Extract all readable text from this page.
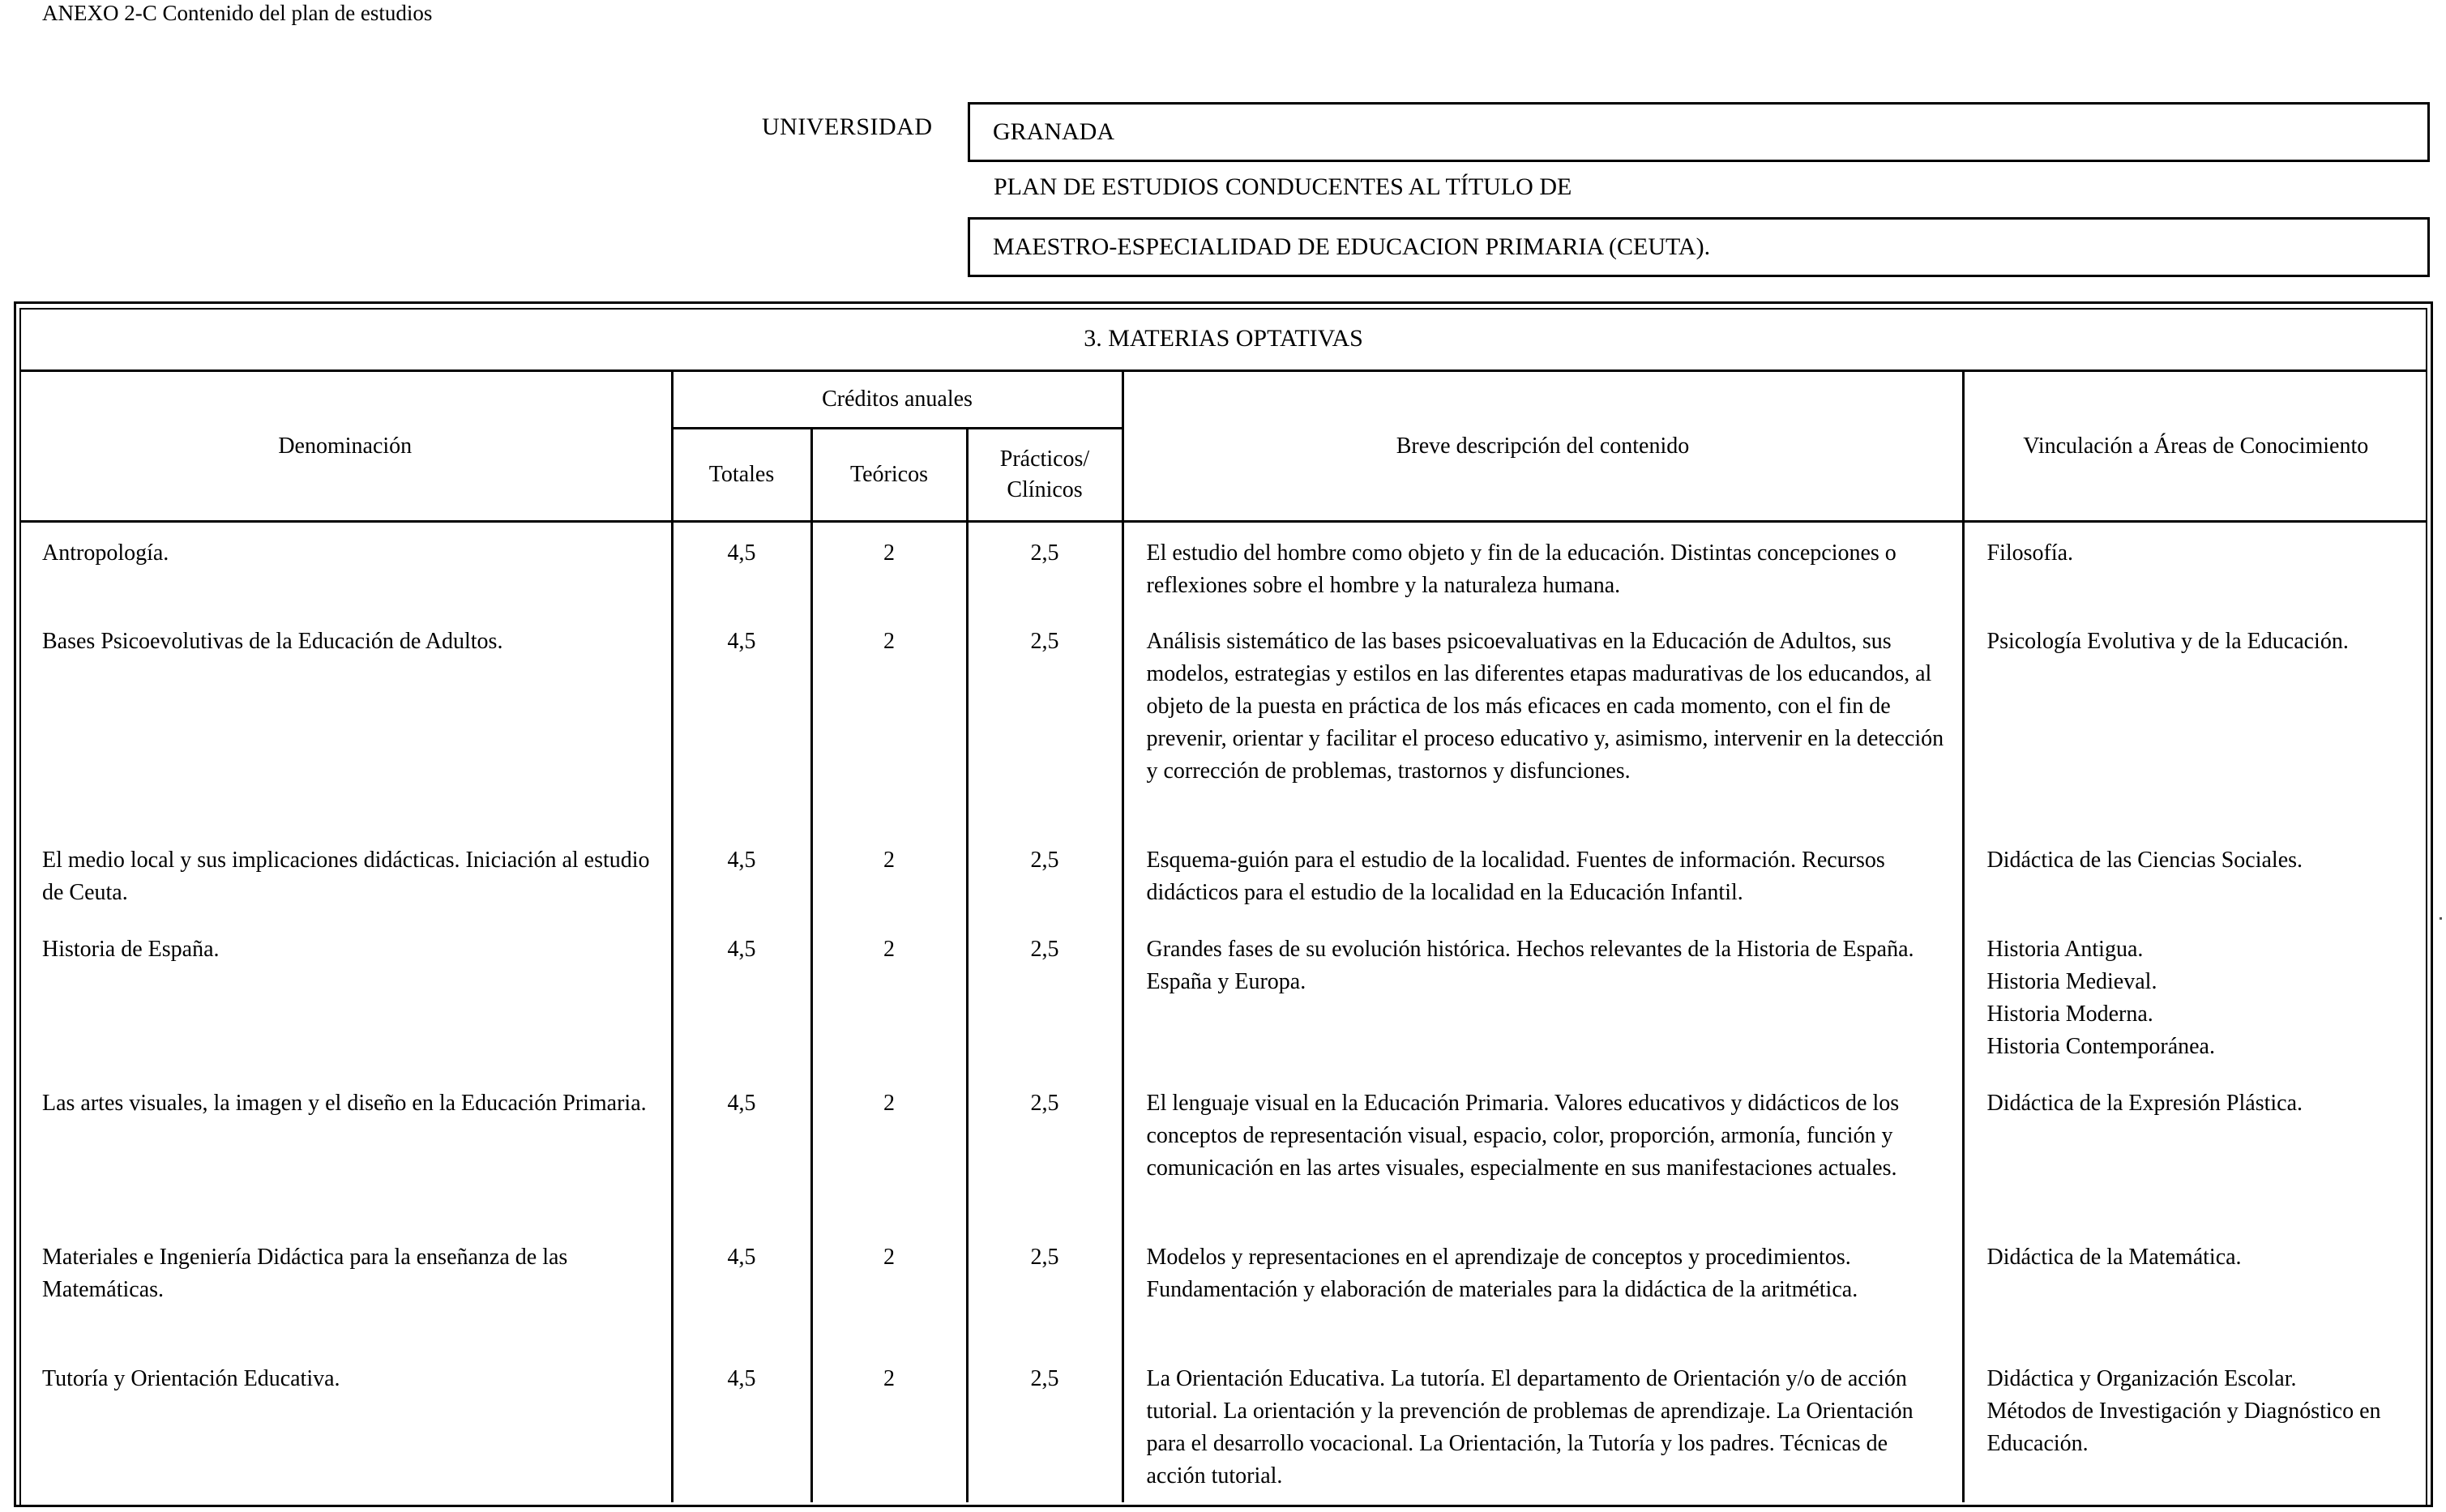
ANEXO 2-C Contenido del plan de estudios
UNIVERSIDAD GRANADA
PLAN DE ESTUDIOS CONDUCENTES AL TÍTULO DE
MAESTRO-ESPECIALIDAD DE EDUCACION PRIMARIA (CEUTA).
3. MATERIAS OPTATIVAS					
Denominación	Créditos anuales			Breve descripción del contenido	Vinculación a Áreas de Conocimiento
	Totales	Teóricos	Prácticos/
Clínicos		

Antropología.	4,5	2	2,5	El estudio del hombre como objeto y fin de la educación. Distintas concepciones o reflexiones sobre el hombre y la naturaleza humana.	Filosofía.

Bases Psicoevolutivas de la Educación de Adultos.	4,5	2	2,5	Análisis sistemático de las bases psicoevaluativas en la Educación de Adultos, sus modelos, estrategias y estilos en las diferentes etapas madurativas de los educandos, al objeto de la puesta en práctica de los más eficaces en cada momento, con el fin de prevenir, orientar y facilitar el proceso educativo y, asimismo, intervenir en la detección y corrección de problemas, trastornos y disfunciones.	Psicología Evolutiva y de la Educación.

El medio local y sus implicaciones didácticas. Iniciación al estudio de Ceuta.	4,5	2	2,5	Esquema-guión para el estudio de la localidad. Fuentes de información. Recursos didácticos para el estudio de la localidad en la Educación Infantil.	Didáctica de las Ciencias Sociales.

Historia de España.	4,5	2	2,5	Grandes fases de su evolución histórica. Hechos relevantes de la Historia de España. España y Europa.	Historia Antigua.
Historia Medieval.
Historia Moderna.
Historia Contemporánea.

Las artes visuales, la imagen y el diseño en la Educación Primaria.	4,5	2	2,5	El lenguaje visual en la Educación Primaria. Valores educativos y didácticos de los conceptos de representación visual, espacio, color, proporción, armonía, función y comunicación en las artes visuales, especialmente en sus manifestaciones actuales.	Didáctica de la Expresión Plástica.

Materiales e Ingeniería Didáctica para la enseñanza de las Matemáticas.	4,5	2	2,5	Modelos y representaciones en el aprendizaje de conceptos y procedimientos. Fundamentación y elaboración de materiales para la didáctica de la aritmética.	Didáctica de la Matemática.

Tutoría y Orientación Educativa.	4,5	2	2,5	La Orientación Educativa. La tutoría. El departamento de Orientación y/o de acción tutorial. La orientación y la prevención de problemas de aprendizaje. La Orientación para el desarrollo vocacional. La Orientación, la Tutoría y los padres. Técnicas de acción tutorial.	Didáctica y Organización Escolar.
Métodos de Investigación y Diagnóstico en Educación.
